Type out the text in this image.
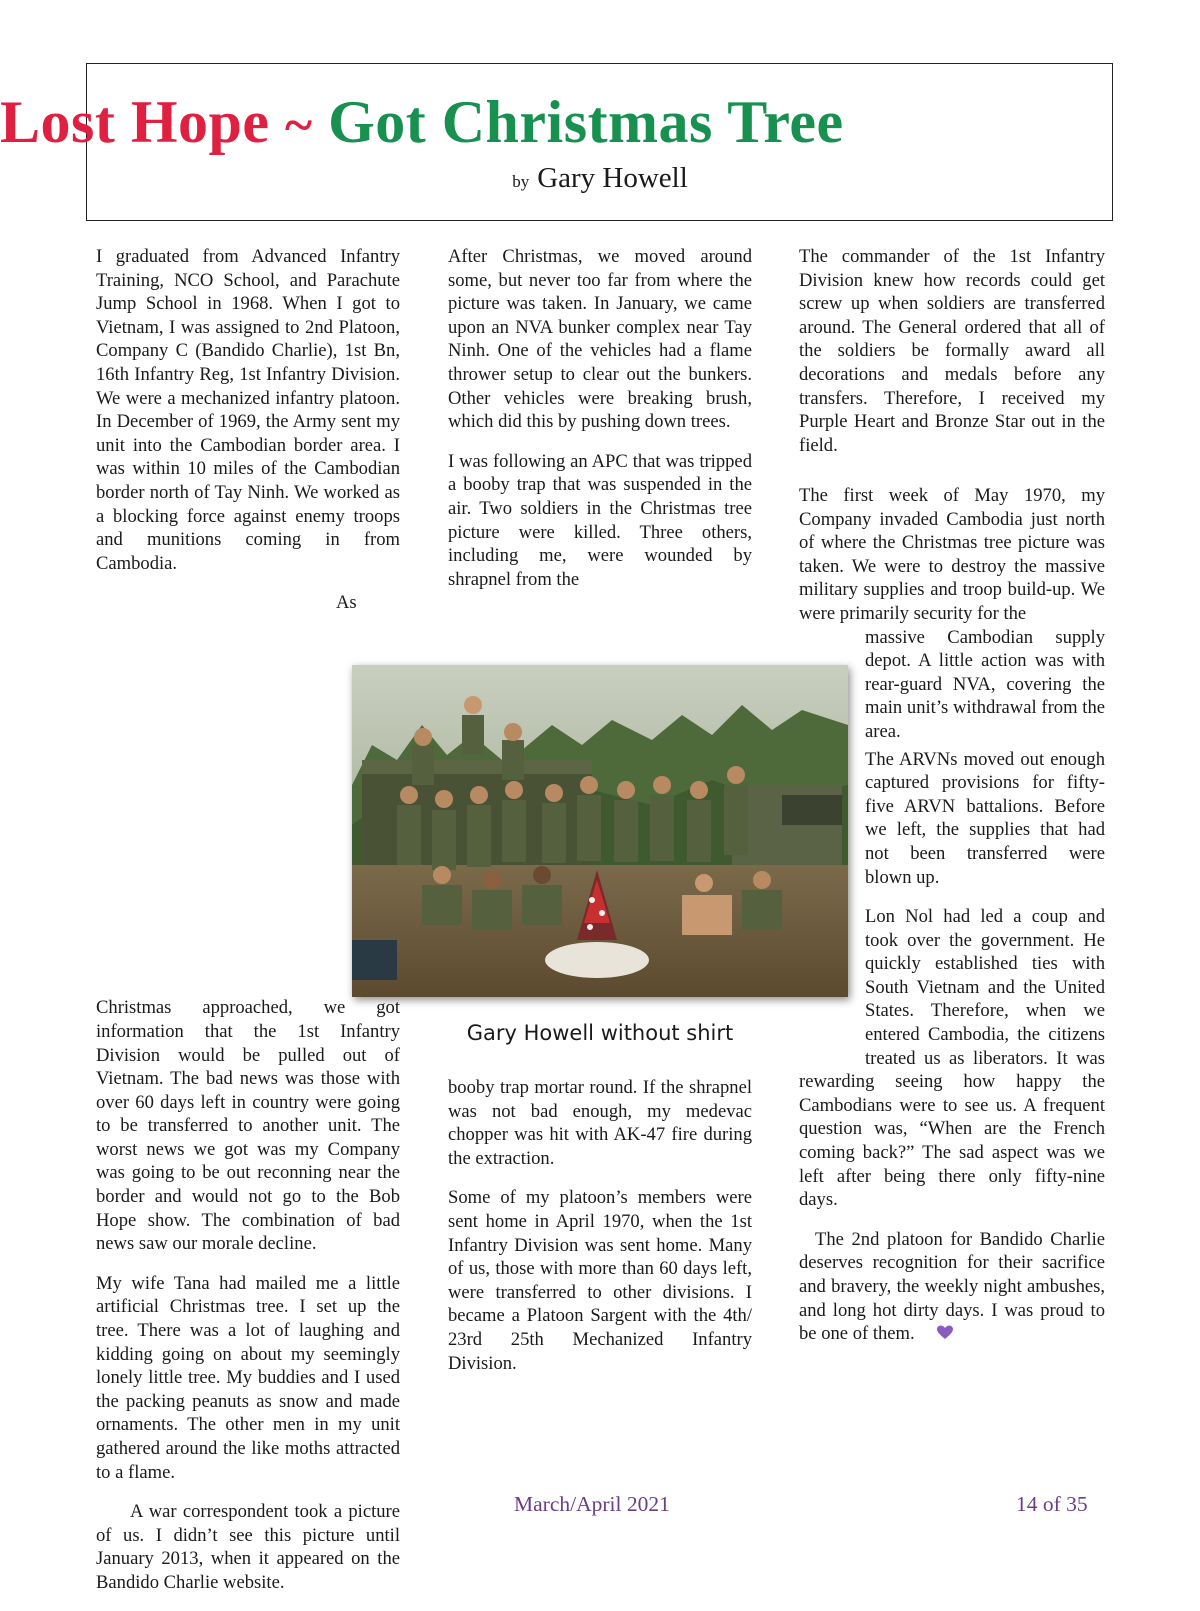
Lost Hope ~ Got Christmas Tree
by Gary Howell

I graduated from Advanced Infantry Training, NCO School, and Parachute Jump School in 1968. When I got to Vietnam, I was assigned to 2nd Platoon, Company C (Bandido Charlie), 1st Bn, 16th Infantry Reg, 1st Infantry Division. We were a mechanized infantry platoon. In December of 1969, the Army sent my unit into the Cambodian border area. I was within 10 miles of the Cambodian border north of Tay Ninh. We worked as a blocking force against enemy troops and munitions coming in from Cambodia.

As Christmas approached, we got information that the 1st Infantry Division would be pulled out of Vietnam. The bad news was those with over 60 days left in country were going to be transferred to another unit. The worst news we got was my Company was going to be out reconning near the border and would not go to the Bob Hope show. The combination of bad news saw our morale decline.

My wife Tana had mailed me a little artificial Christmas tree. I set up the tree. There was a lot of laughing and kidding going on about my seemingly lonely little tree. My buddies and I used the packing peanuts as snow and made ornaments. The other men in my unit gathered around the like moths attracted to a flame.

A war correspondent took a picture of us. I didn’t see this picture until January 2013, when it appeared on the Bandido Charlie website.

After Christmas, we moved around some, but never too far from where the picture was taken. In January, we came upon an NVA bunker complex near Tay Ninh. One of the vehicles had a flame thrower setup to clear out the bunkers. Other vehicles were breaking brush, which did this by pushing down trees.

I was following an APC that was tripped a booby trap that was suspended in the air. Two soldiers in the Christmas tree picture were killed. Three others, including me, were wounded by shrapnel from the

booby trap mortar round. If the shrapnel was not bad enough, my medevac chopper was hit with AK-47 fire during the extraction.

Some of my platoon’s members were sent home in April 1970, when the 1st Infantry Division was sent home. Many of us, those with more than 60 days left, were transferred to other divisions. I became a Platoon Sargent with the 4th/ 23rd 25th Mechanized Infantry Division.

The commander of the 1st Infantry Division knew how records could get screw up when soldiers are transferred around. The General ordered that all of the soldiers be formally award all decorations and medals before any transfers. Therefore, I received my Purple Heart and Bronze Star out in the field.

The first week of May 1970, my Company invaded Cambodia just north of where the Christmas tree picture was taken. We were to destroy the massive military supplies and troop build-up. We were primarily security for the

massive Cambodian supply depot. A little action was with rear-guard NVA, covering the main unit’s withdrawal from the area.

The ARVNs moved out enough captured provisions for fifty-five ARVN battalions. Before we left, the supplies that had not been transferred were blown up.

Lon Nol had led a coup and took over the government. He quickly established ties with South Vietnam and the United States. Therefore, when we entered Cambodia, the citizens treated us as liberators. It was rewarding seeing how happy the Cambodians were to see us. A frequent question was, “When are the French coming back?” The sad aspect was we left after being there only fifty-nine days.

The 2nd platoon for Bandido Charlie deserves recognition for their sacrifice and bravery, the weekly night ambushes, and long hot dirty days. I was proud to be one of them.

Gary Howell without shirt
March/April 2021	14 of 35
